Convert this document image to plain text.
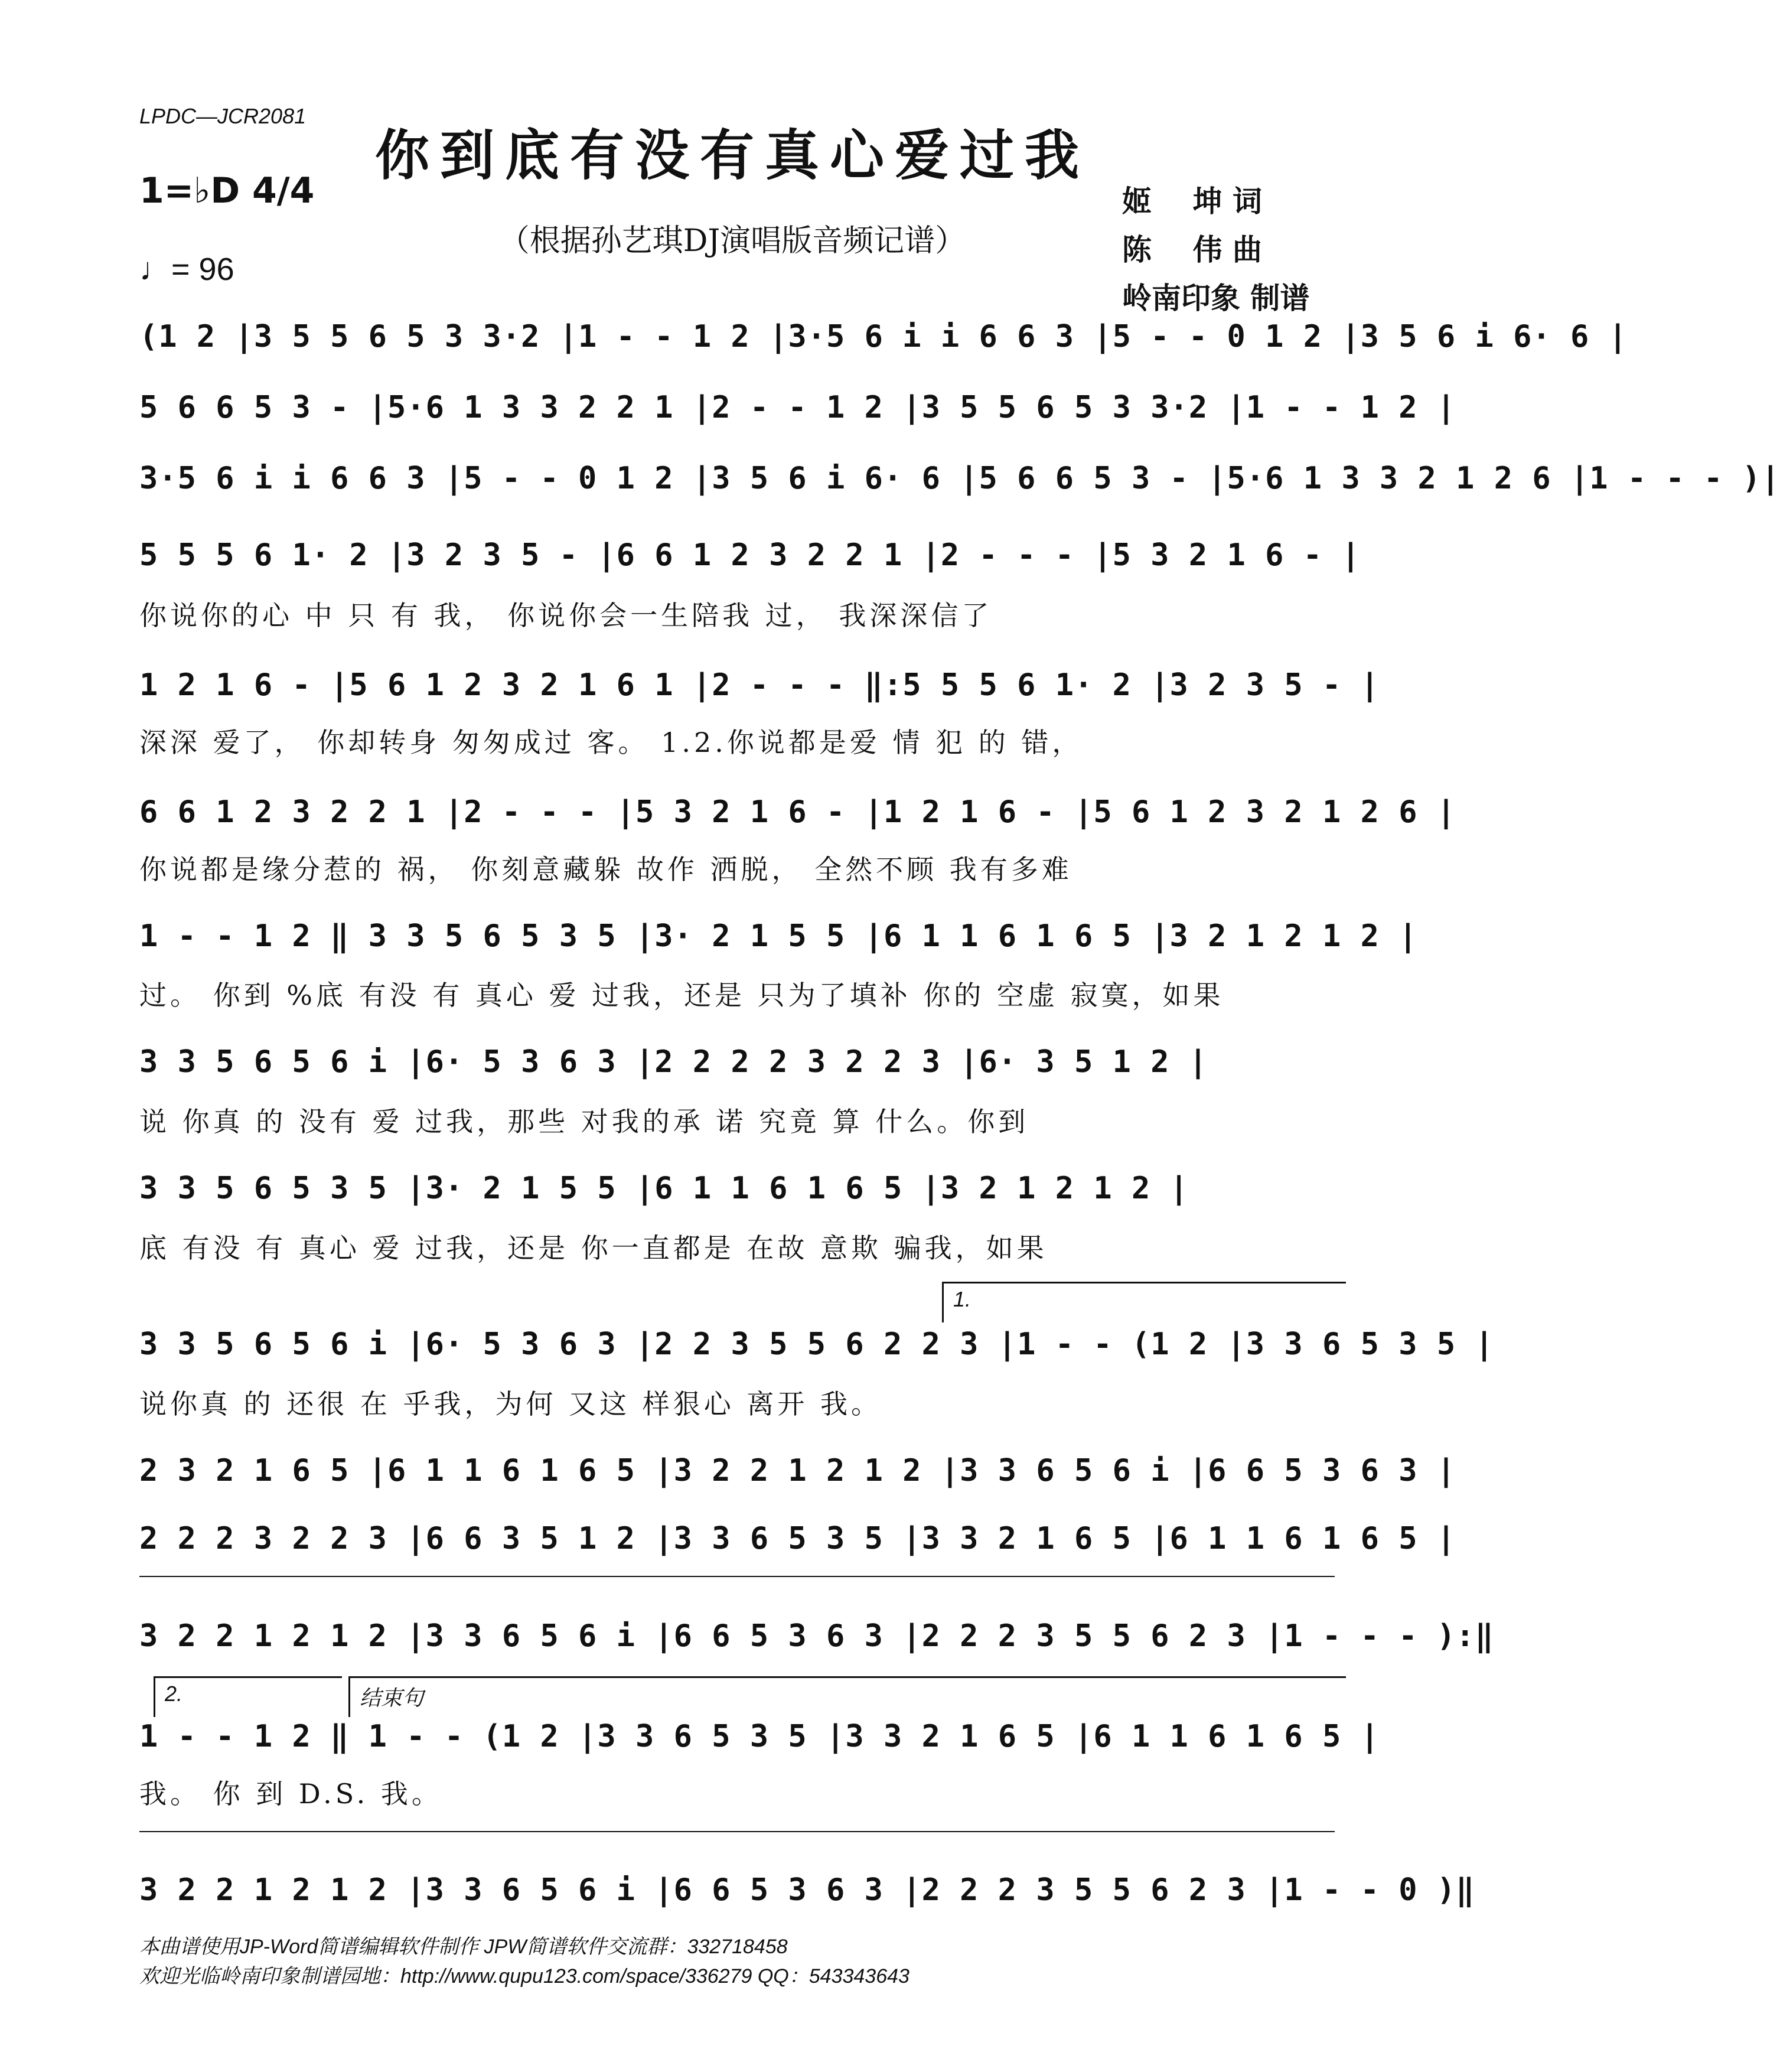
LPDC—JCR2081
你到底有没有真心爱过我
（根据孙艺琪DJ演唱版音频记谱）
1=♭D 4/4
♩= 96
姬    坤 词
陈    伟 曲
岭南印象 制谱
(1 2 |3 5 5 6 5 3 3·2 |1 - - 1 2 |3·5 6 i i 6 6 3 |5 - - 0 1 2 |3 5 6 i 6· 6 |
5 6 6 5 3 - |5·6 1 3 3 2 2 1 |2 - - 1 2 |3 5 5 6 5 3 3·2 |1 - - 1 2 |
3·5 6 i i 6 6 3 |5 - - 0 1 2 |3 5 6 i 6· 6 |5 6 6 5 3 - |5·6 1 3 3 2 1 2 6 |1 - - - )|
5 5 5 6 1· 2 |3 2 3 5 - |6 6 1 2 3 2 2 1 |2 - - - |5 3 2 1 6 - |
你说你的心 中 只 有 我， 你说你会一生陪我 过， 我深深信了
1 2 1 6 - |5 6 1 2 3 2 1 6 1 |2 - - - ‖:5 5 5 6 1· 2 |3 2 3 5 - |
深深 爱了， 你却转身 匆匆成过 客。 1.2.你说都是爱 情 犯 的 错，
6 6 1 2 3 2 2 1 |2 - - - |5 3 2 1 6 - |1 2 1 6 - |5 6 1 2 3 2 1 2 6 |
你说都是缘分惹的 祸， 你刻意藏躲 故作 洒脱， 全然不顾 我有多难
1 - - 1 2 ‖ 3 3 5 6 5 3 5 |3· 2 1 5 5 |6 1 1 6 1 6 5 |3 2 1 2 1 2 |
过。 你到 %底 有没 有 真心 爱 过我，还是 只为了填补 你的 空虚 寂寞，如果
3 3 5 6 5 6 i |6· 5 3 6 3 |2 2 2 2 3 2 2 3 |6· 3 5 1 2 |
说 你真 的 没有 爱 过我，那些 对我的承 诺 究竟 算 什么。你到
3 3 5 6 5 3 5 |3· 2 1 5 5 |6 1 1 6 1 6 5 |3 2 1 2 1 2 |
底 有没 有 真心 爱 过我，还是 你一直都是 在故 意欺 骗我，如果
1.
3 3 5 6 5 6 i |6· 5 3 6 3 |2 2 3 5 5 6 2 2 3 |1 - - (1 2 |3 3 6 5 3 5 |
说你真 的 还很 在 乎我，为何 又这 样狠心 离开 我。
2 3 2 1 6 5 |6 1 1 6 1 6 5 |3 2 2 1 2 1 2 |3 3 6 5 6 i |6 6 5 3 6 3 |
2 2 2 3 2 2 3 |6 6 3 5 1 2 |3 3 6 5 3 5 |3 3 2 1 6 5 |6 1 1 6 1 6 5 |
3 2 2 1 2 1 2 |3 3 6 5 6 i |6 6 5 3 6 3 |2 2 2 3 5 5 6 2 3 |1 - - - ):‖
2.	结束句
1 - - 1 2 ‖ 1 - - (1 2 |3 3 6 5 3 5 |3 3 2 1 6 5 |6 1 1 6 1 6 5 |
我。 你 到 D.S. 我。
3 2 2 1 2 1 2 |3 3 6 5 6 i |6 6 5 3 6 3 |2 2 2 3 5 5 6 2 3 |1 - - 0 )‖
本曲谱使用JP-Word简谱编辑软件制作 JPW简谱软件交流群：332718458
欢迎光临岭南印象制谱园地：http://www.qupu123.com/space/336279 QQ：543343643
